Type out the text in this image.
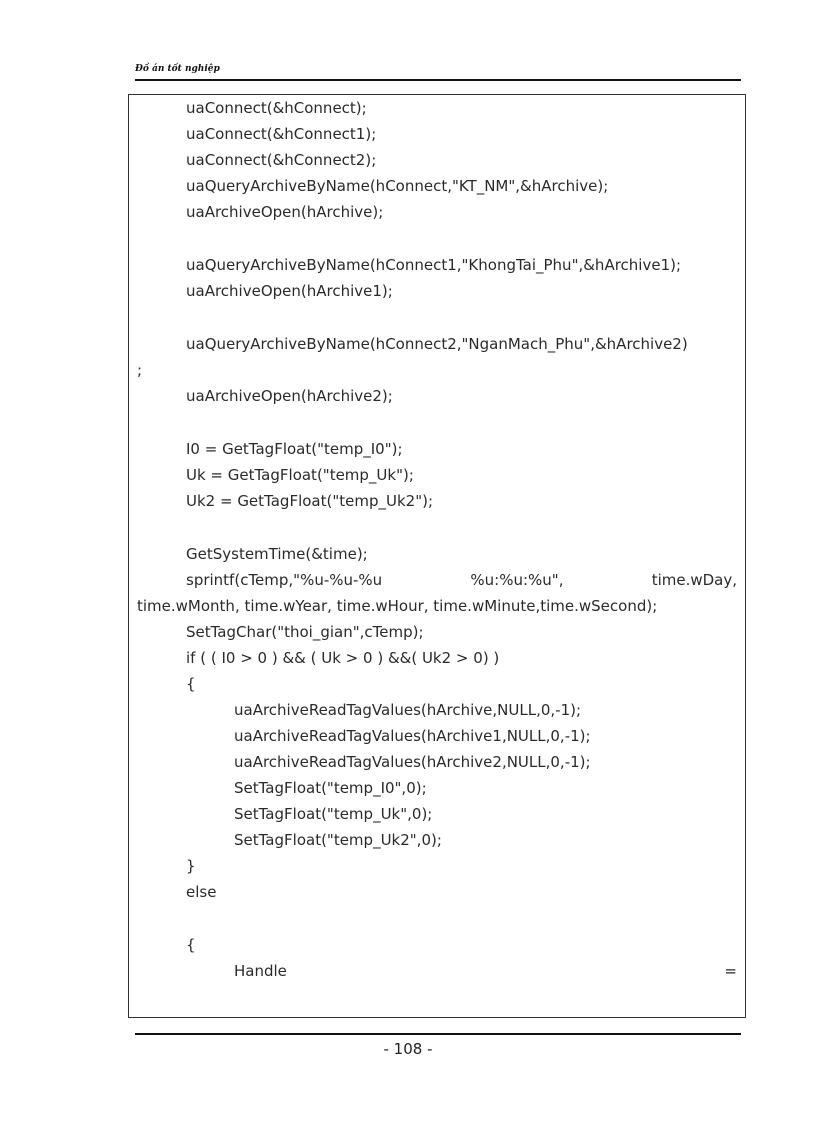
Đồ án tốt nghiệp
uaConnect(&hConnect);
uaConnect(&hConnect1);
uaConnect(&hConnect2);
uaQueryArchiveByName(hConnect,"KT_NM",&hArchive);
uaArchiveOpen(hArchive);
uaQueryArchiveByName(hConnect1,"KhongTai_Phu",&hArchive1);
uaArchiveOpen(hArchive1);
uaQueryArchiveByName(hConnect2,"NganMach_Phu",&hArchive2)
;
uaArchiveOpen(hArchive2);
I0 = GetTagFloat("temp_I0");
Uk = GetTagFloat("temp_Uk");
Uk2 = GetTagFloat("temp_Uk2");
GetSystemTime(&time);
sprintf(cTemp,"%u-%u-%u	%u:%u:%u",	time.wDay,
time.wMonth, time.wYear, time.wHour, time.wMinute,time.wSecond);
SetTagChar("thoi_gian",cTemp);
if ( ( I0 > 0 ) && ( Uk > 0 ) &&( Uk2 > 0) )
{
uaArchiveReadTagValues(hArchive,NULL,0,-1);
uaArchiveReadTagValues(hArchive1,NULL,0,-1);
uaArchiveReadTagValues(hArchive2,NULL,0,-1);
SetTagFloat("temp_I0",0);
SetTagFloat("temp_Uk",0);
SetTagFloat("temp_Uk2",0);
}
else
{
Handle	=
- 108 -
